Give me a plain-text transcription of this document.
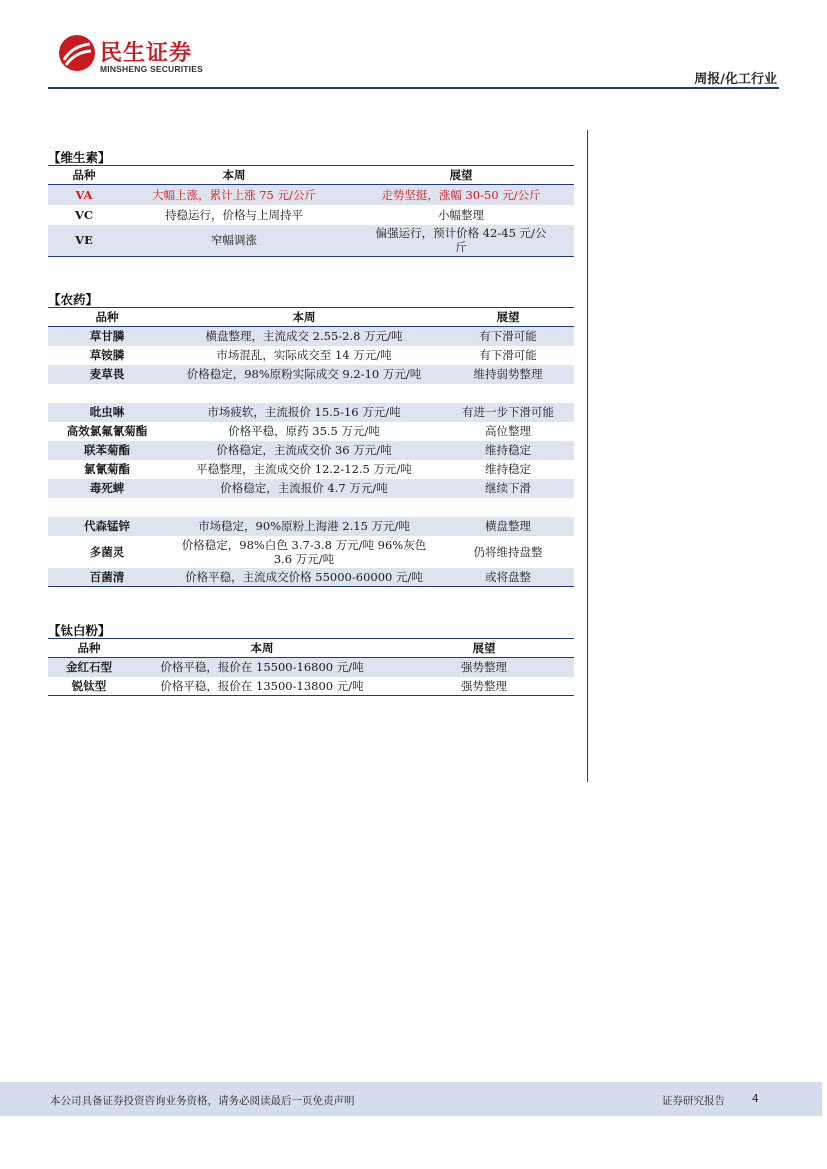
民生证券
MINSHENG SECURITIES
周报/化工行业
【维生素】
品种	本周	展望
VA	大幅上涨，累计上涨 75 元/公斤	走势坚挺，涨幅 30-50 元/公斤
VC	持稳运行，价格与上周持平	小幅整理
VE	窄幅调涨	偏强运行，预计价格 42-45 元/公斤
【农药】
品种	本周	展望
草甘膦	横盘整理，主流成交 2.55-2.8 万元/吨	有下滑可能
草铵膦	市场混乱，实际成交至 14 万元/吨	有下滑可能
麦草畏	价格稳定，98%原粉实际成交 9.2-10 万元/吨	维持弱势整理

吡虫啉	市场疲软，主流报价 15.5-16 万元/吨	有进一步下滑可能
高效氯氟氰菊酯	价格平稳，原药 35.5 万元/吨	高位整理
联苯菊酯	价格稳定，主流成交价 36 万元/吨	维持稳定
氯氰菊酯	平稳整理，主流成交价 12.2-12.5 万元/吨	维持稳定
毒死蜱	价格稳定，主流报价 4.7 万元/吨	继续下滑

代森锰锌	市场稳定，90%原粉上海港 2.15 万元/吨	横盘整理
多菌灵	价格稳定，98%白色 3.7-3.8 万元/吨 96%灰色 3.6 万元/吨	仍将维持盘整
百菌清	价格平稳，主流成交价格 55000-60000 元/吨	或将盘整
【钛白粉】
品种	本周	展望
金红石型	价格平稳，报价在 15500-16800 元/吨	强势整理
锐钛型	价格平稳，报价在 13500-13800 元/吨	强势整理
本公司具备证券投资咨询业务资格，请务必阅读最后一页免责声明	证券研究报告	4
